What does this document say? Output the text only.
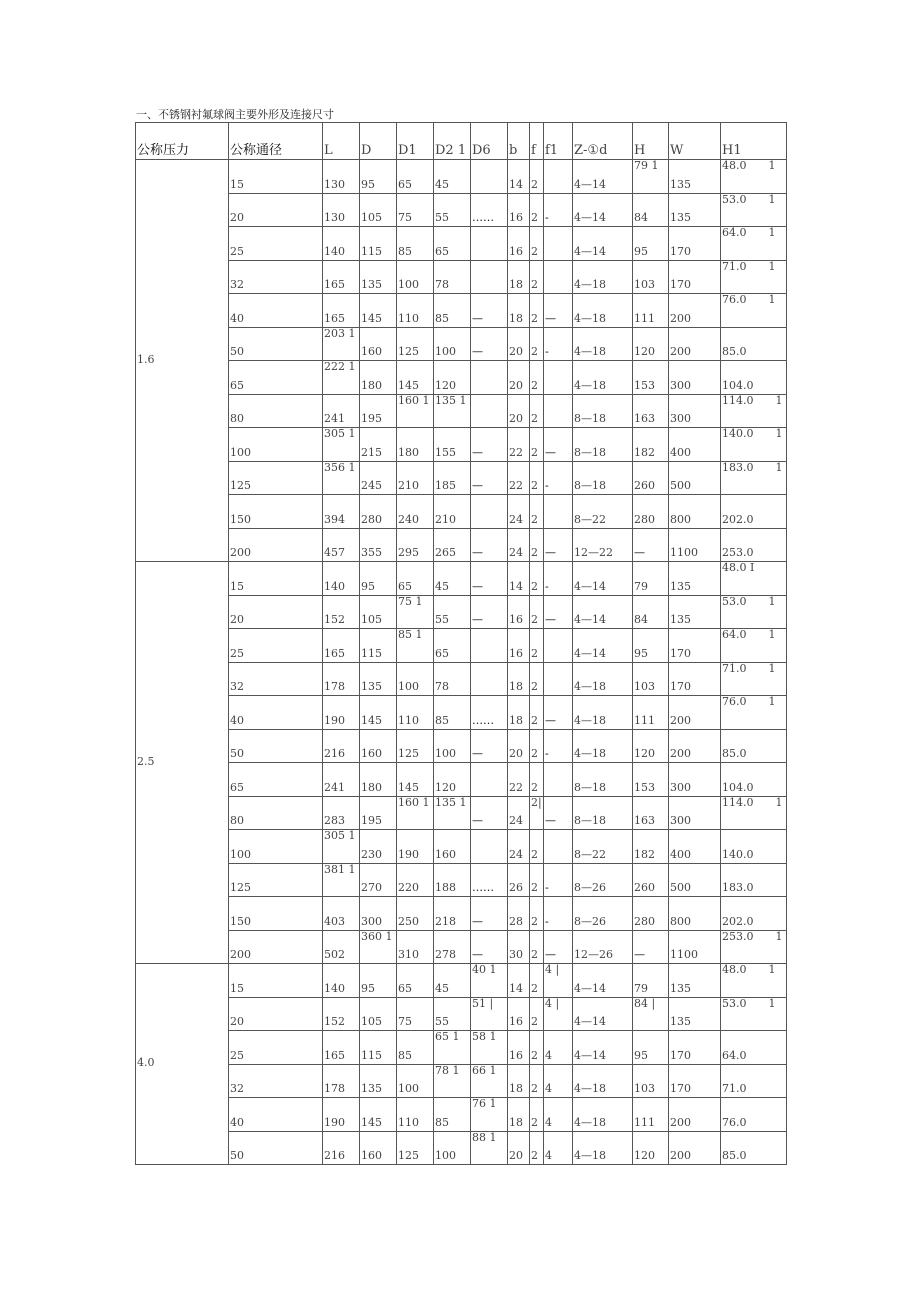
一、不锈钢衬氟球阀主要外形及连接尺寸
公称压力	公称通径	L	D	D1	D2 1	D6	b	f	f1	Z-①d	H	W	H1
1.6	15	130	95	65	45		14	2		4—14	79 1	135	48.0　　1
	20	130	105	75	55	……	16	2	-	4—14	84	135	53.0　　1
	25	140	115	85	65		16	2		4—14	95	170	64.0　　1
	32	165	135	100	78		18	2		4—18	103	170	71.0　　1
	40	165	145	110	85	—	18	2	—	4—18	111	200	76.0　　1
	50	203 1	160	125	100	—	20	2	-	4—18	120	200	85.0
	65	222 1	180	145	120		20	2		4—18	153	300	104.0
	80	241	195	160 1	135 1		20	2		8—18	163	300	114.0　　1
	100	305 1	215	180	155	—	22	2	—	8—18	182	400	140.0　　1
	125	356 1	245	210	185	—	22	2	-	8—18	260	500	183.0　　1
	150	394	280	240	210		24	2		8—22	280	800	202.0
	200	457	355	295	265	—	24	2	—	12—22	—	1100	253.0
2.5	15	140	95	65	45	—	14	2	-	4—14	79	135	48.0 I
	20	152	105	75 1	55	—	16	2	—	4—14	84	135	53.0　　1
	25	165	115	85 1	65		16	2		4—14	95	170	64.0　　1
	32	178	135	100	78		18	2		4—18	103	170	71.0　　1
	40	190	145	110	85	……	18	2	—	4—18	111	200	76.0　　1
	50	216	160	125	100	—	20	2	-	4—18	120	200	85.0
	65	241	180	145	120		22	2		8—18	153	300	104.0
	80	283	195	160 1	135 1	—	24	2|	—	8—18	163	300	114.0　　1
	100	305 1	230	190	160		24	2		8—22	182	400	140.0
	125	381 1	270	220	188	……	26	2	-	8—26	260	500	183.0
	150	403	300	250	218	—	28	2	-	8—26	280	800	202.0
	200	502	360 1	310	278	—	30	2	—	12—26	—	1100	253.0　　1
4.0	15	140	95	65	45	40 1	14	2	4 |	4—14	79	135	48.0　　1
	20	152	105	75	55	51 |	16	2	4 |	4—14	84 |	135	53.0　　1
	25	165	115	85	65 1	58 1	16	2	4	4—14	95	170	64.0
	32	178	135	100	78 1	66 1	18	2	4	4—18	103	170	71.0
	40	190	145	110	85	76 1	18	2	4	4—18	111	200	76.0
	50	216	160	125	100	88 1	20	2	4	4—18	120	200	85.0
